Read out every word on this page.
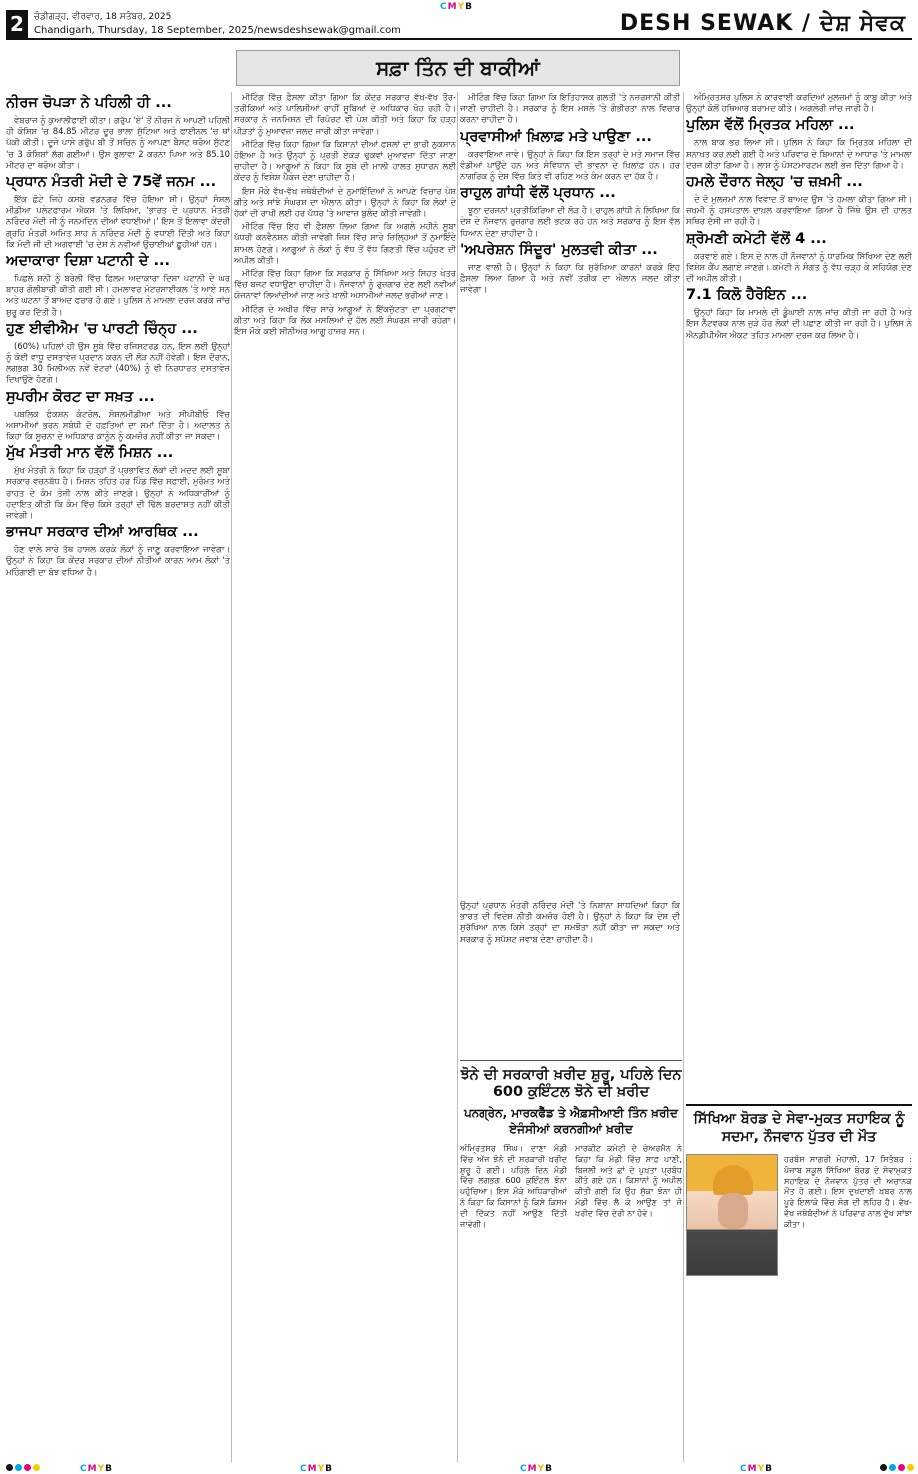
CMYB
CMYB	CMYB	CMYB	CMYB
2	ਚੰਡੀਗੜ੍ਹ, ਵੀਰਵਾਰ, 18 ਸਤੰਬਰ, 2025
Chandigarh, Thursday, 18 September, 2025/newsdeshsewak@gmail.com	DESH SEWAK / ਦੇਸ਼ ਸੇਵਕ
ਸਫ਼ਾ ਤਿੰਨ ਦੀ ਬਾਕੀਆਂ
ਨੀਰਜ ਚੋਪੜਾ ਨੇ ਪਹਿਲੀ ਹੀ ...

ਵੇਬਰਾਜ ਨੂੰ ਕੁਆਲੀਫਾਈ ਕੀਤਾ। ਗਰੁੱਪ 'ਏ' ਤੋਂ ਨੀਰਜ ਨੇ ਆਪਣੀ ਪਹਿਲੀ ਹੀ ਕੋਸ਼ਿਸ਼ 'ਚ 84.85 ਮੀਟਰ ਦੂਰ ਭਾਲਾ ਸੁੱਟਿਆ ਅਤੇ ਫਾਈਨਲ 'ਚ ਥਾਂ ਪੱਕੀ ਕੀਤੀ। ਦੂਜੇ ਪਾਸੇ ਗਰੁੱਪ ਬੀ ਤੋਂ ਸਚਿਨ ਨੂੰ ਆਪਣਾ ਬੈਸਟ ਥਰੋਅ ਸੁੱਟਣ 'ਚ 3 ਕੋਸ਼ਿਸ਼ਾਂ ਲੱਗ ਗਈਆਂ। ਉਸ ਭੁਲਾਵਾ 2 ਕਰਨਾ ਪਿਆ ਅਤੇ 85.10 ਮੀਟਰ ਦਾ ਥਰੋਅ ਕੀਤਾ।

ਪ੍ਰਧਾਨ ਮੰਤਰੀ ਮੋਦੀ ਦੇ 75ਵੇਂ ਜਨਮ ...

ਇੱਕ ਛੋਟੇ ਜਿਹੇ ਕਸਬੇ ਵਡਨਗਰ ਵਿੱਚ ਹੋਇਆ ਸੀ। ਉਨ੍ਹਾਂ ਸੰਸ਼ਲ ਮੀਡੀਆ ਪਲੇਟਫਾਰਮ ਐਕਸ 'ਤੇ ਲਿਖਿਆ, 'ਭਾਰਤ ਦੇ ਪ੍ਰਧਾਨ ਮੰਤਰੀ ਨਰਿੰਦਰ ਮੋਦੀ ਜੀ ਨੂੰ ਜਨਮਦਿਨ ਦੀਆਂ ਵਧਾਈਆਂ।' ਇਸ ਤੋਂ ਇਲਾਵਾ ਕੇਂਦਰੀ ਗ੍ਰਹਿ ਮੰਤਰੀ ਅਮਿਤ ਸ਼ਾਹ ਨੇ ਨਰਿੰਦਰ ਮੋਦੀ ਨੂੰ ਵਧਾਈ ਦਿੱਤੀ ਅਤੇ ਕਿਹਾ ਕਿ ਮੋਦੀ ਜੀ ਦੀ ਅਗਵਾਈ 'ਚ ਦੇਸ਼ ਨੇ ਨਵੀਆਂ ਉਚਾਈਆਂ ਛੂਹੀਆਂ ਹਨ।

ਅਦਾਕਾਰਾ ਦਿਸ਼ਾ ਪਟਾਨੀ ਦੇ ...

ਪਿਛਲੇ ਸ਼ਨੀ ਨੂੰ ਬਰੇਲੀ ਵਿੱਚ ਫਿਲਮ ਅਦਾਕਾਰਾ ਦਿਸ਼ਾ ਪਟਾਨੀ ਦੇ ਘਰ ਬਾਹਰ ਗੋਲੀਬਾਰੀ ਕੀਤੀ ਗਈ ਸੀ। ਹਮਲਾਵਰ ਮੋਟਰਸਾਈਕਲ 'ਤੇ ਆਏ ਸਨ ਅਤੇ ਘਟਨਾ ਤੋਂ ਬਾਅਦ ਫਰਾਰ ਹੋ ਗਏ। ਪੁਲਿਸ ਨੇ ਮਾਮਲਾ ਦਰਜ ਕਰਕੇ ਜਾਂਚ ਸ਼ੁਰੂ ਕਰ ਦਿੱਤੀ ਹੈ।

ਹੁਣ ਈਵੀਐਮ 'ਚ ਪਾਰਟੀ ਚਿੰਨ੍ਹ ...

(60%) ਪਹਿਲਾਂ ਹੀ ਉਸ ਸੂਬੇ ਵਿੱਚ ਰਜਿਸਟਰਡ ਹਨ, ਇਸ ਲਈ ਉਨ੍ਹਾਂ ਨੂੰ ਕੋਈ ਵਾਧੂ ਦਸਤਾਵੇਜ਼ ਪ੍ਰਦਾਨ ਕਰਨ ਦੀ ਲੋੜ ਨਹੀਂ ਹੋਵੇਗੀ। ਇਸ ਦੌਰਾਨ, ਲਗਭਗ 30 ਮਿਲੀਅਨ ਨਵੇਂ ਵੋਟਰਾਂ (40%) ਨੂੰ ਵੀ ਨਿਰਧਾਰਤ ਦਸਤਾਵੇਜ਼ ਦਿਖਾਉਣੇ ਹੋਣਗੇ।

ਸੁਪਰੀਮ ਕੋਰਟ ਦਾ ਸਖ਼ਤ ...

ਪਬਲਿਕ ਫੰਕਸ਼ਨ ਕੰਟਰੋਲ, ਸੋਸ਼ਲਮੀਡੀਆ ਅਤੇ ਸੀਪੀਬੀਓ ਵਿੱਚ ਅਸਾਮੀਆਂ ਭਰਨ ਸਬੰਧੀ ਦੋ ਹਫ਼ਤਿਆਂ ਦਾ ਸਮਾਂ ਦਿੱਤਾ ਹੈ। ਅਦਾਲਤ ਨੇ ਕਿਹਾ ਕਿ ਸੂਚਨਾ ਦੇ ਅਧਿਕਾਰ ਕਾਨੂੰਨ ਨੂੰ ਕਮਜ਼ੋਰ ਨਹੀਂ ਕੀਤਾ ਜਾ ਸਕਦਾ।

ਮੁੱਖ ਮੰਤਰੀ ਮਾਨ ਵੱਲੋਂ ਮਿਸ਼ਨ ...

ਮੁੱਖ ਮੰਤਰੀ ਨੇ ਕਿਹਾ ਕਿ ਹੜ੍ਹਾਂ ਤੋਂ ਪ੍ਰਭਾਵਿਤ ਲੋਕਾਂ ਦੀ ਮਦਦ ਲਈ ਸੂਬਾ ਸਰਕਾਰ ਵਚਨਬੱਧ ਹੈ। ਮਿਸ਼ਨ ਤਹਿਤ ਹਰ ਪਿੰਡ ਵਿੱਚ ਸਫ਼ਾਈ, ਮੁਰੰਮਤ ਅਤੇ ਰਾਹਤ ਦੇ ਕੰਮ ਤੇਜ਼ੀ ਨਾਲ ਕੀਤੇ ਜਾਣਗੇ। ਉਨ੍ਹਾਂ ਨੇ ਅਧਿਕਾਰੀਆਂ ਨੂੰ ਹਦਾਇਤ ਕੀਤੀ ਕਿ ਕੰਮ ਵਿੱਚ ਕਿਸੇ ਤਰ੍ਹਾਂ ਦੀ ਢਿੱਲ ਬਰਦਾਸ਼ਤ ਨਹੀਂ ਕੀਤੀ ਜਾਵੇਗੀ।

ਭਾਜਪਾ ਸਰਕਾਰ ਦੀਆਂ ਆਰਥਿਕ ...

ਹੋਣ ਵਾਲੇ ਸਾਰੇ ਤੱਥ ਹਾਸਲ ਕਰਕੇ ਲੋਕਾਂ ਨੂੰ ਜਾਣੂ ਕਰਵਾਇਆ ਜਾਵੇਗਾ। ਉਨ੍ਹਾਂ ਨੇ ਕਿਹਾ ਕਿ ਕੇਂਦਰ ਸਰਕਾਰ ਦੀਆਂ ਨੀਤੀਆਂ ਕਾਰਨ ਆਮ ਲੋਕਾਂ 'ਤੇ ਮਹਿੰਗਾਈ ਦਾ ਬੋਝ ਵਧਿਆ ਹੈ।

ਮੀਟਿੰਗ ਵਿੱਚ ਫ਼ੈਸਲਾ ਕੀਤਾ ਗਿਆ ਕਿ ਕੇਂਦਰ ਸਰਕਾਰ ਵੱਖ-ਵੱਖ ਤੌਰ-ਤਰੀਕਿਆਂ ਅਤੇ ਪਾਲਿਸੀਆਂ ਰਾਹੀਂ ਸੂਬਿਆਂ ਦੇ ਅਧਿਕਾਰ ਖੋਹ ਰਹੀ ਹੈ। ਸਰਕਾਰ ਨੇ ਜਨਮਿਸ਼ਨ ਦੀ ਰਿਪੋਰਟ ਵੀ ਪੇਸ਼ ਕੀਤੀ ਅਤੇ ਕਿਹਾ ਕਿ ਹੜ੍ਹ ਪੀੜਤਾਂ ਨੂੰ ਮੁਆਵਜ਼ਾ ਜਲਦ ਜਾਰੀ ਕੀਤਾ ਜਾਵੇਗਾ।

ਮੀਟਿੰਗ ਵਿੱਚ ਕਿਹਾ ਗਿਆ ਕਿ ਕਿਸਾਨਾਂ ਦੀਆਂ ਫਸਲਾਂ ਦਾ ਭਾਰੀ ਨੁਕਸਾਨ ਹੋਇਆ ਹੈ ਅਤੇ ਉਨ੍ਹਾਂ ਨੂੰ ਪ੍ਰਤੀ ਏਕੜ ਢੁਕਵਾਂ ਮੁਆਵਜ਼ਾ ਦਿੱਤਾ ਜਾਣਾ ਚਾਹੀਦਾ ਹੈ। ਆਗੂਆਂ ਨੇ ਕਿਹਾ ਕਿ ਸੂਬੇ ਦੀ ਮਾਲੀ ਹਾਲਤ ਸੁਧਾਰਨ ਲਈ ਕੇਂਦਰ ਨੂੰ ਵਿਸ਼ੇਸ਼ ਪੈਕੇਜ ਦੇਣਾ ਚਾਹੀਦਾ ਹੈ।

ਇਸ ਮੌਕੇ ਵੱਖ-ਵੱਖ ਜਥੇਬੰਦੀਆਂ ਦੇ ਨੁਮਾਇੰਦਿਆਂ ਨੇ ਆਪਣੇ ਵਿਚਾਰ ਪੇਸ਼ ਕੀਤੇ ਅਤੇ ਸਾਂਝੇ ਸੰਘਰਸ਼ ਦਾ ਐਲਾਨ ਕੀਤਾ। ਉਨ੍ਹਾਂ ਨੇ ਕਿਹਾ ਕਿ ਲੋਕਾਂ ਦੇ ਹੱਕਾਂ ਦੀ ਰਾਖੀ ਲਈ ਹਰ ਪੱਧਰ 'ਤੇ ਆਵਾਜ਼ ਬੁਲੰਦ ਕੀਤੀ ਜਾਵੇਗੀ।

ਮੀਟਿੰਗ ਵਿੱਚ ਇਹ ਵੀ ਫ਼ੈਸਲਾ ਲਿਆ ਗਿਆ ਕਿ ਅਗਲੇ ਮਹੀਨੇ ਸੂਬਾ ਪੱਧਰੀ ਕਨਵੈਨਸ਼ਨ ਕੀਤੀ ਜਾਵੇਗੀ ਜਿਸ ਵਿੱਚ ਸਾਰੇ ਜ਼ਿਲ੍ਹਿਆਂ ਤੋਂ ਨੁਮਾਇੰਦੇ ਸ਼ਾਮਲ ਹੋਣਗੇ। ਆਗੂਆਂ ਨੇ ਲੋਕਾਂ ਨੂੰ ਵੱਧ ਤੋਂ ਵੱਧ ਗਿਣਤੀ ਵਿੱਚ ਪਹੁੰਚਣ ਦੀ ਅਪੀਲ ਕੀਤੀ।

ਮੀਟਿੰਗ ਵਿੱਚ ਕਿਹਾ ਗਿਆ ਕਿ ਸਰਕਾਰ ਨੂੰ ਸਿੱਖਿਆ ਅਤੇ ਸਿਹਤ ਖੇਤਰ ਵਿੱਚ ਬਜਟ ਵਧਾਉਣਾ ਚਾਹੀਦਾ ਹੈ। ਨੌਜਵਾਨਾਂ ਨੂੰ ਰੁਜ਼ਗਾਰ ਦੇਣ ਲਈ ਨਵੀਆਂ ਯੋਜਨਾਵਾਂ ਲਿਆਂਦੀਆਂ ਜਾਣ ਅਤੇ ਖਾਲੀ ਅਸਾਮੀਆਂ ਜਲਦ ਭਰੀਆਂ ਜਾਣ।

ਮੀਟਿੰਗ ਦੇ ਅਖੀਰ ਵਿੱਚ ਸਾਰੇ ਆਗੂਆਂ ਨੇ ਇੱਕਜੁੱਟਤਾ ਦਾ ਪ੍ਰਗਟਾਵਾ ਕੀਤਾ ਅਤੇ ਕਿਹਾ ਕਿ ਲੋਕ ਮਸਲਿਆਂ ਦੇ ਹੱਲ ਲਈ ਸੰਘਰਸ਼ ਜਾਰੀ ਰਹੇਗਾ। ਇਸ ਮੌਕੇ ਕਈ ਸੀਨੀਅਰ ਆਗੂ ਹਾਜ਼ਰ ਸਨ।

ਮੀਟਿੰਗ ਵਿੱਚ ਕਿਹਾ ਗਿਆ ਕਿ ਇਤਿਹਾਸਕ ਗਲਤੀ 'ਤੇ ਨਜ਼ਰਸਾਨੀ ਕੀਤੀ ਜਾਣੀ ਚਾਹੀਦੀ ਹੈ। ਸਰਕਾਰ ਨੂੰ ਇਸ ਮਸਲੇ 'ਤੇ ਗੰਭੀਰਤਾ ਨਾਲ ਵਿਚਾਰ ਕਰਨਾ ਚਾਹੀਦਾ ਹੈ।

ਪ੍ਰਵਾਸੀਆਂ ਖ਼ਿਲਾਫ਼ ਮਤੇ ਪਾਉਣਾ ...

ਕਰਵਾਇਆ ਜਾਵੇ। ਉਨ੍ਹਾਂ ਨੇ ਕਿਹਾ ਕਿ ਇਸ ਤਰ੍ਹਾਂ ਦੇ ਮਤੇ ਸਮਾਜ ਵਿੱਚ ਵੰਡੀਆਂ ਪਾਉਂਦੇ ਹਨ ਅਤੇ ਸੰਵਿਧਾਨ ਦੀ ਭਾਵਨਾ ਦੇ ਖ਼ਿਲਾਫ਼ ਹਨ। ਹਰ ਨਾਗਰਿਕ ਨੂੰ ਦੇਸ਼ ਵਿੱਚ ਕਿਤੇ ਵੀ ਰਹਿਣ ਅਤੇ ਕੰਮ ਕਰਨ ਦਾ ਹੱਕ ਹੈ।

ਰਾਹੁਲ ਗਾਂਧੀ ਵੱਲੋਂ ਪ੍ਰਧਾਨ ...

ਝੂਠਾ ਦਰਜਨਾਂ ਪ੍ਰਤੀਕਿਰਿਆ ਦੀ ਲੋੜ ਹੈ। ਰਾਹੁਲ ਗਾਂਧੀ ਨੇ ਲਿਖਿਆ ਕਿ ਦੇਸ਼ ਦੇ ਨੌਜਵਾਨ ਰੁਜ਼ਗਾਰ ਲਈ ਭਟਕ ਰਹੇ ਹਨ ਅਤੇ ਸਰਕਾਰ ਨੂੰ ਇਸ ਵੱਲ ਧਿਆਨ ਦੇਣਾ ਚਾਹੀਦਾ ਹੈ।

'ਅਪਰੇਸ਼ਨ ਸਿੰਦੂਰ' ਮੁਲਤਵੀ ਕੀਤਾ ...

ਜਾਣ ਵਾਲੀ ਹੈ। ਉਨ੍ਹਾਂ ਨੇ ਕਿਹਾ ਕਿ ਸੁਰੱਖਿਆ ਕਾਰਨਾਂ ਕਰਕੇ ਇਹ ਫ਼ੈਸਲਾ ਲਿਆ ਗਿਆ ਹੈ ਅਤੇ ਨਵੀਂ ਤਰੀਕ ਦਾ ਐਲਾਨ ਜਲਦ ਕੀਤਾ ਜਾਵੇਗਾ।

ਉਨ੍ਹਾਂ ਪ੍ਰਧਾਨ ਮੰਤਰੀ ਨਰਿੰਦਰ ਮੋਦੀ 'ਤੇ ਨਿਸ਼ਾਨਾ ਸਾਧਦਿਆਂ ਕਿਹਾ ਕਿ ਭਾਰਤ ਦੀ ਵਿਦੇਸ਼ ਨੀਤੀ ਕਮਜ਼ੋਰ ਹੋਈ ਹੈ। ਉਨ੍ਹਾਂ ਨੇ ਕਿਹਾ ਕਿ ਦੇਸ਼ ਦੀ ਸੁਰੱਖਿਆ ਨਾਲ ਕਿਸੇ ਤਰ੍ਹਾਂ ਦਾ ਸਮਝੌਤਾ ਨਹੀਂ ਕੀਤਾ ਜਾ ਸਕਦਾ ਅਤੇ ਸਰਕਾਰ ਨੂੰ ਸਪੱਸ਼ਟ ਜਵਾਬ ਦੇਣਾ ਚਾਹੀਦਾ ਹੈ।

ਝੋਨੇ ਦੀ ਸਰਕਾਰੀ ਖ਼ਰੀਦ ਸ਼ੁਰੂ, ਪਹਿਲੇ ਦਿਨ 600 ਕੁਇੰਟਲ ਝੋਨੇ ਦੀ ਖ਼ਰੀਦ
ਪਨਗ੍ਰੇਨ, ਮਾਰਕਫੈੱਡ ਤੇ ਐਫ਼ਸੀਆਈ ਤਿੰਨ ਖ਼ਰੀਦ ਏਜੰਸੀਆਂ ਕਰਨਗੀਆਂ ਖ਼ਰੀਦ
ਅੰਮ੍ਰਿਤਸਰ ਸਿੰਘ। ਦਾਣਾ ਮੰਡੀ ਵਿੱਚ ਅੱਜ ਝੋਨੇ ਦੀ ਸਰਕਾਰੀ ਖ਼ਰੀਦ ਸ਼ੁਰੂ ਹੋ ਗਈ। ਪਹਿਲੇ ਦਿਨ ਮੰਡੀ ਵਿੱਚ ਲਗਭਗ 600 ਕੁਇੰਟਲ ਝੋਨਾ ਪਹੁੰਚਿਆ। ਇਸ ਮੌਕੇ ਅਧਿਕਾਰੀਆਂ ਨੇ ਕਿਹਾ ਕਿ ਕਿਸਾਨਾਂ ਨੂੰ ਕਿਸੇ ਕਿਸਮ ਦੀ ਦਿੱਕਤ ਨਹੀਂ ਆਉਣ ਦਿੱਤੀ ਜਾਵੇਗੀ।
ਮਾਰਕੀਟ ਕਮੇਟੀ ਦੇ ਚੇਅਰਮੈਨ ਨੇ ਕਿਹਾ ਕਿ ਮੰਡੀ ਵਿੱਚ ਸਾਫ਼ ਪਾਣੀ, ਬਿਜਲੀ ਅਤੇ ਛਾਂ ਦੇ ਪੁਖ਼ਤਾ ਪ੍ਰਬੰਧ ਕੀਤੇ ਗਏ ਹਨ। ਕਿਸਾਨਾਂ ਨੂੰ ਅਪੀਲ ਕੀਤੀ ਗਈ ਕਿ ਉਹ ਸੁੱਕਾ ਝੋਨਾ ਹੀ ਮੰਡੀ ਵਿੱਚ ਲੈ ਕੇ ਆਉਣ ਤਾਂ ਜੋ ਖ਼ਰੀਦ ਵਿੱਚ ਦੇਰੀ ਨਾ ਹੋਵੇ।

ਅੰਮ੍ਰਿਤਸਰ ਪੁਲਿਸ ਨੇ ਕਾਰਵਾਈ ਕਰਦਿਆਂ ਮੁਲਜ਼ਮਾਂ ਨੂੰ ਕਾਬੂ ਕੀਤਾ ਅਤੇ ਉਨ੍ਹਾਂ ਕੋਲੋਂ ਹਥਿਆਰ ਬਰਾਮਦ ਕੀਤੇ। ਅਗਲੇਰੀ ਜਾਂਚ ਜਾਰੀ ਹੈ।

ਪੁਲਿਸ ਵੱਲੋਂ ਮ੍ਰਿਤਕ ਮਹਿਲਾ ...

ਨਾਲ ਬਾਕ ਭਰ ਲਿਆ ਸੀ। ਪੁਲਿਸ ਨੇ ਕਿਹਾ ਕਿ ਮ੍ਰਿਤਕ ਮਹਿਲਾ ਦੀ ਸ਼ਨਾਖ਼ਤ ਕਰ ਲਈ ਗਈ ਹੈ ਅਤੇ ਪਰਿਵਾਰ ਦੇ ਬਿਆਨਾਂ ਦੇ ਆਧਾਰ 'ਤੇ ਮਾਮਲਾ ਦਰਜ ਕੀਤਾ ਗਿਆ ਹੈ। ਲਾਸ਼ ਨੂੰ ਪੋਸਟਮਾਰਟਮ ਲਈ ਭੇਜ ਦਿੱਤਾ ਗਿਆ ਹੈ।

ਹਮਲੇ ਦੌਰਾਨ ਜੇਲ੍ਹ 'ਚ ਜ਼ਖ਼ਮੀ ...

ਦੇ ਦੋ ਮੁਲਜ਼ਮਾਂ ਨਾਲ ਵਿਵਾਦ ਤੋਂ ਬਾਅਦ ਉਸ 'ਤੇ ਹਮਲਾ ਕੀਤਾ ਗਿਆ ਸੀ। ਜ਼ਖ਼ਮੀ ਨੂੰ ਹਸਪਤਾਲ ਦਾਖ਼ਲ ਕਰਵਾਇਆ ਗਿਆ ਹੈ ਜਿੱਥੇ ਉਸ ਦੀ ਹਾਲਤ ਸਥਿਰ ਦੱਸੀ ਜਾ ਰਹੀ ਹੈ।

ਸ਼੍ਰੋਮਣੀ ਕਮੇਟੀ ਵੱਲੋਂ 4 ...

ਕਰਵਾਏ ਗਏ। ਇਸ ਦੇ ਨਾਲ ਹੀ ਨੌਜਵਾਨਾਂ ਨੂੰ ਧਾਰਮਿਕ ਸਿੱਖਿਆ ਦੇਣ ਲਈ ਵਿਸ਼ੇਸ਼ ਕੈਂਪ ਲਗਾਏ ਜਾਣਗੇ। ਕਮੇਟੀ ਨੇ ਸੰਗਤ ਨੂੰ ਵੱਧ ਚੜ੍ਹ ਕੇ ਸਹਿਯੋਗ ਦੇਣ ਦੀ ਅਪੀਲ ਕੀਤੀ।

7.1 ਕਿਲੋ ਹੈਰੋਇਨ ...

ਉਨ੍ਹਾਂ ਕਿਹਾ ਕਿ ਮਾਮਲੇ ਦੀ ਡੂੰਘਾਈ ਨਾਲ ਜਾਂਚ ਕੀਤੀ ਜਾ ਰਹੀ ਹੈ ਅਤੇ ਇਸ ਨੈੱਟਵਰਕ ਨਾਲ ਜੁੜੇ ਹੋਰ ਲੋਕਾਂ ਦੀ ਪਛਾਣ ਕੀਤੀ ਜਾ ਰਹੀ ਹੈ। ਪੁਲਿਸ ਨੇ ਐਨਡੀਪੀਐਸ ਐਕਟ ਤਹਿਤ ਮਾਮਲਾ ਦਰਜ ਕਰ ਲਿਆ ਹੈ।

ਸਿੱਖਿਆ ਬੋਰਡ ਦੇ ਸੇਵਾ-ਮੁਕਤ ਸਹਾਇਕ ਨੂੰ ਸਦਮਾ, ਨੌਜਵਾਨ ਪੁੱਤਰ ਦੀ ਮੌਤ
ਹਰਬੰਸ ਸਾਗਰੀ ਮੋਹਾਲੀ, 17 ਸਿਤੰਬਰ : ਪੰਜਾਬ ਸਕੂਲ ਸਿੱਖਿਆ ਬੋਰਡ ਦੇ ਸੇਵਾਮੁਕਤ ਸਹਾਇਕ ਦੇ ਨੌਜਵਾਨ ਪੁੱਤਰ ਦੀ ਅਚਾਨਕ ਮੌਤ ਹੋ ਗਈ। ਇਸ ਦੁਖਦਾਈ ਖ਼ਬਰ ਨਾਲ ਪੂਰੇ ਇਲਾਕੇ ਵਿੱਚ ਸੋਗ ਦੀ ਲਹਿਰ ਹੈ। ਵੱਖ-ਵੱਖ ਜਥੇਬੰਦੀਆਂ ਨੇ ਪਰਿਵਾਰ ਨਾਲ ਦੁੱਖ ਸਾਂਝਾ ਕੀਤਾ।
